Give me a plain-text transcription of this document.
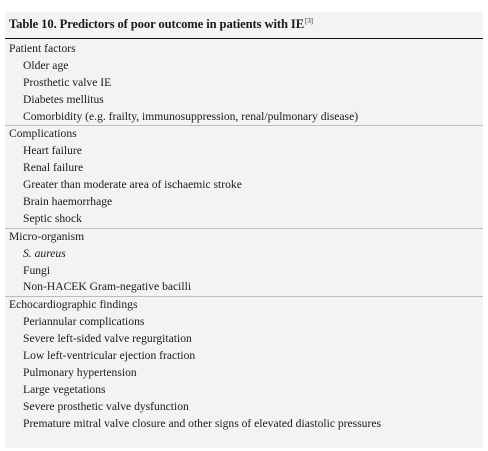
Table 10. Predictors of poor outcome in patients with IE[3]
Patient factors
Older age
Prosthetic valve IE
Diabetes mellitus
Comorbidity (e.g. frailty, immunosuppression, renal/pulmonary disease)
Complications
Heart failure
Renal failure
Greater than moderate area of ischaemic stroke
Brain haemorrhage
Septic shock
Micro-organism
S. aureus
Fungi
Non-HACEK Gram-negative bacilli
Echocardiographic findings
Periannular complications
Severe left-sided valve regurgitation
Low left-ventricular ejection fraction
Pulmonary hypertension
Large vegetations
Severe prosthetic valve dysfunction
Premature mitral valve closure and other signs of elevated diastolic pressures
